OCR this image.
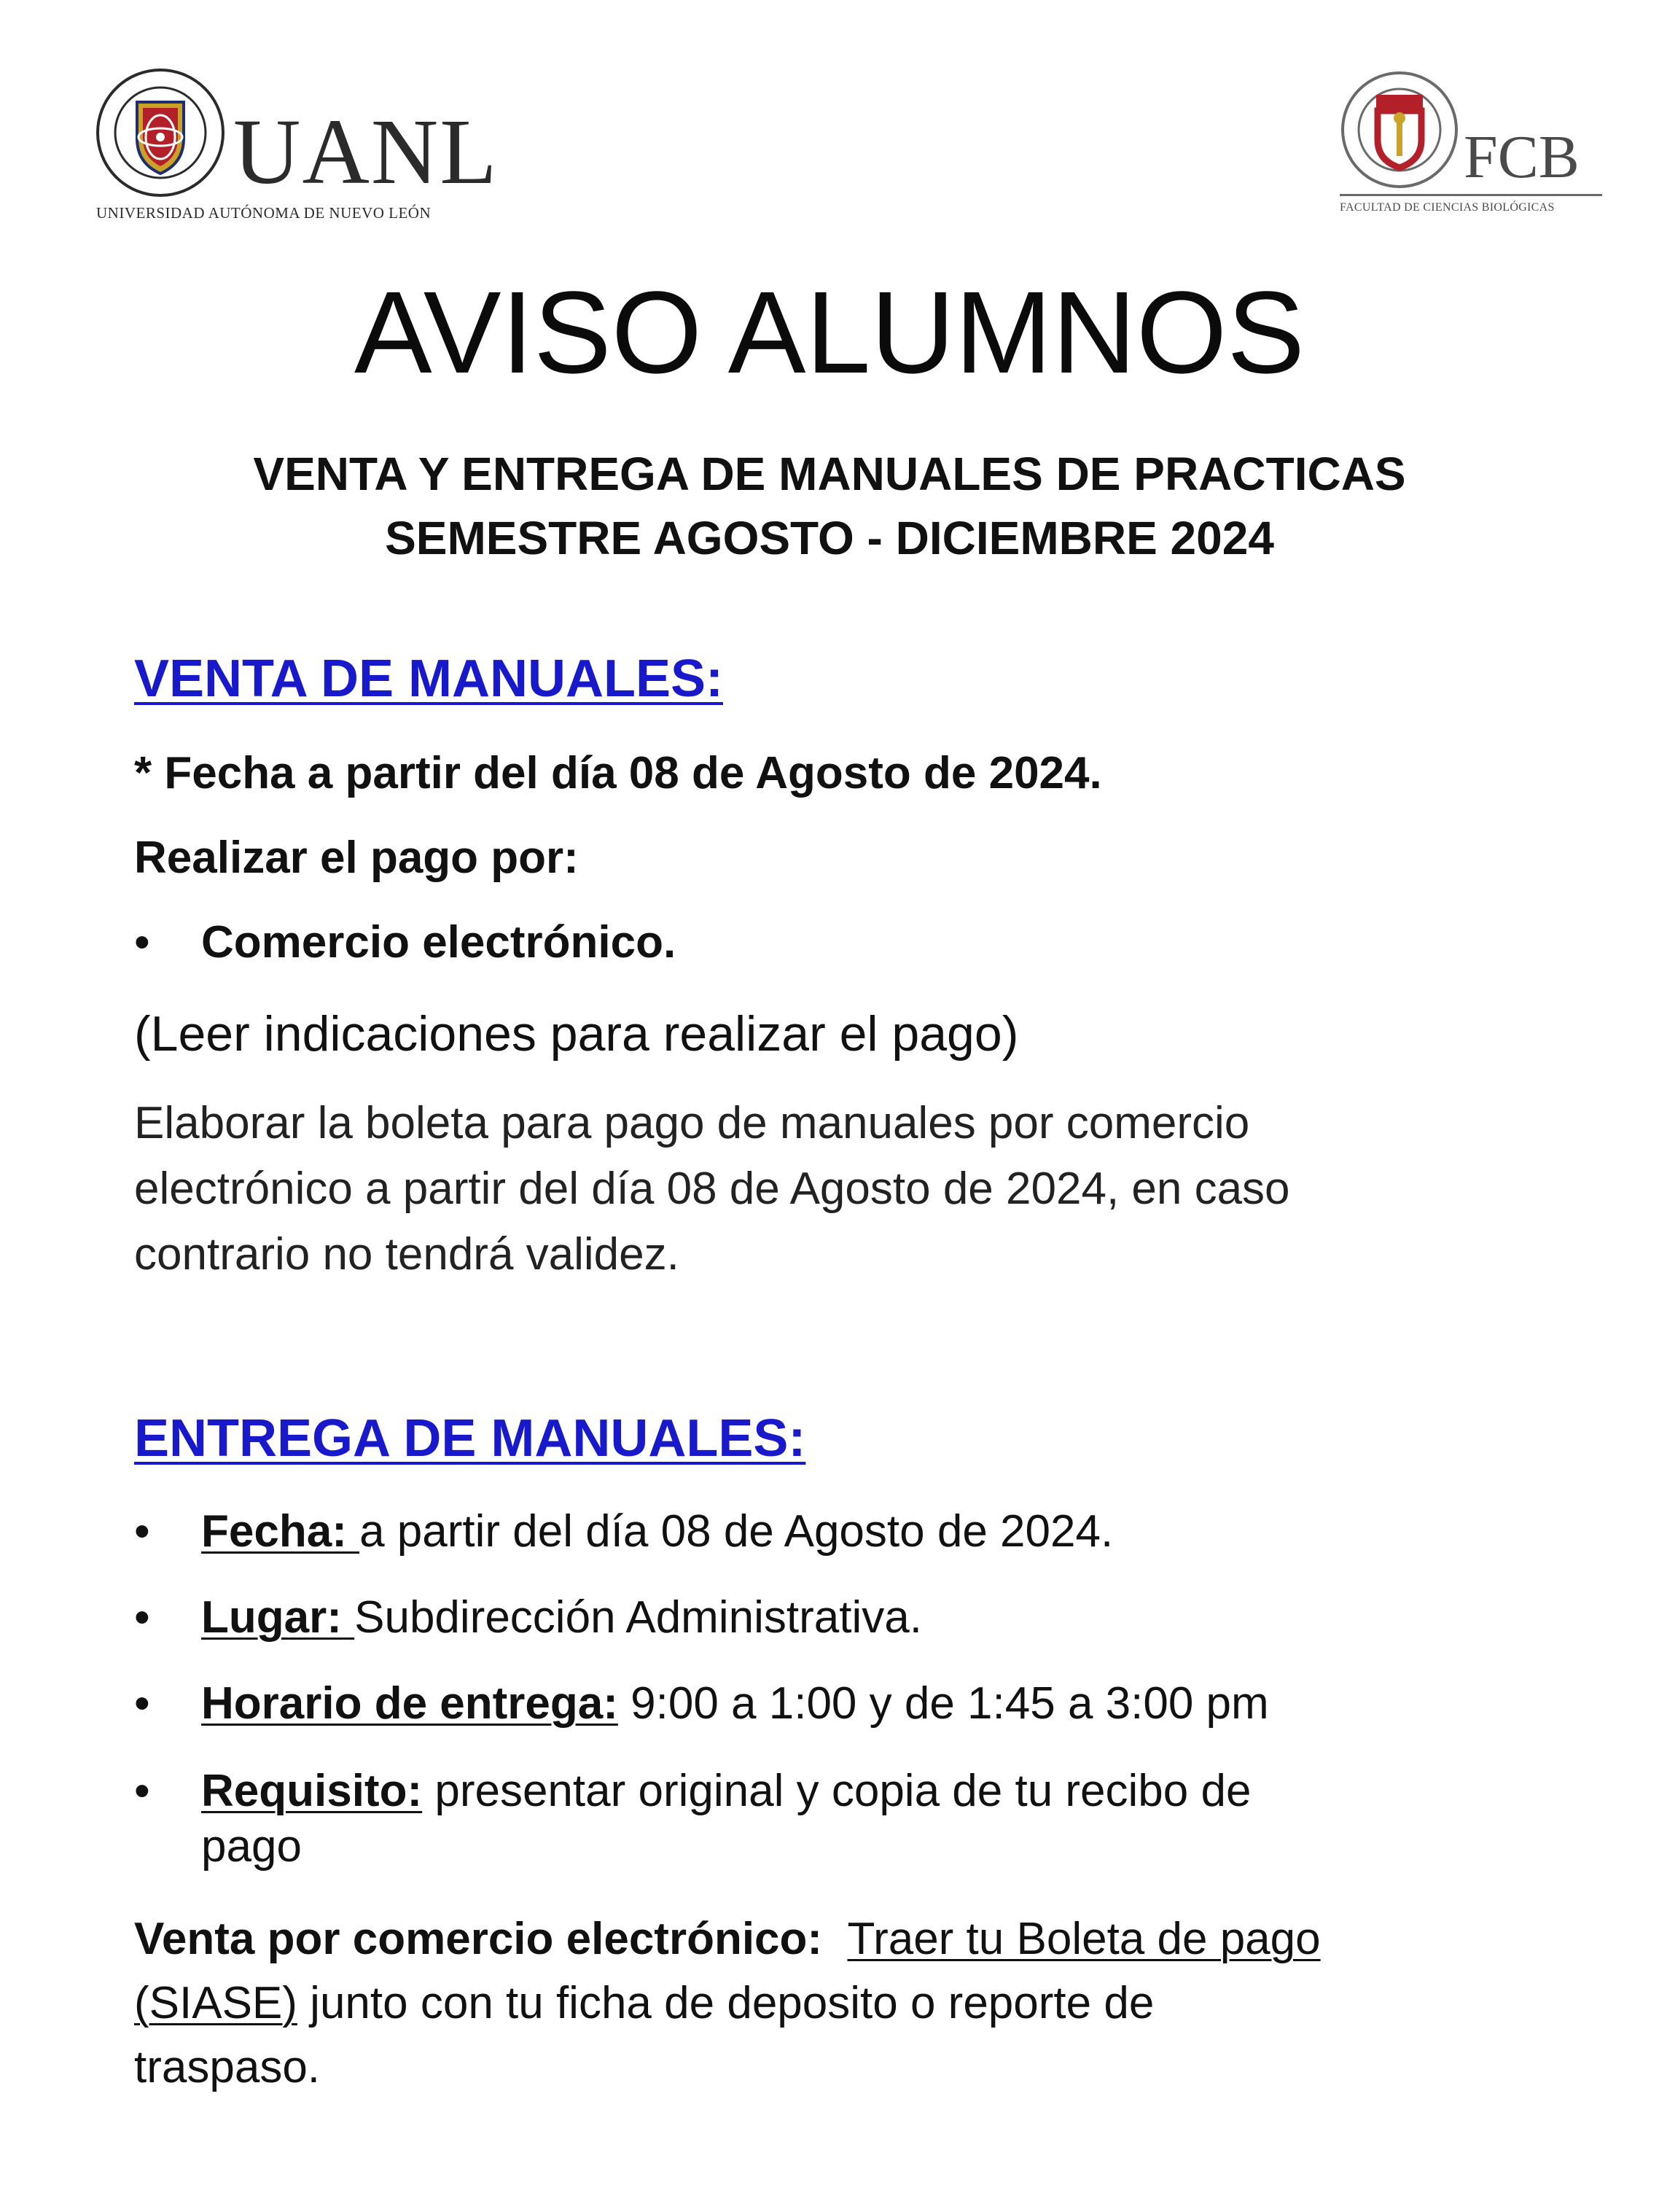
UANL
UNIVERSIDAD AUTÓNOMA DE NUEVO LEÓN
FCB
FACULTAD DE CIENCIAS BIOLÓGICAS
AVISO ALUMNOS
VENTA Y ENTREGA DE MANUALES DE PRACTICAS
SEMESTRE AGOSTO - DICIEMBRE 2024
VENTA DE MANUALES:
* Fecha a partir del día 08 de Agosto de 2024.
Realizar el pago por:
• Comercio electrónico.
(Leer indicaciones para realizar el pago)
Elaborar la boleta para pago de manuales por comercio
electrónico a partir del día 08 de Agosto de 2024, en caso
contrario no tendrá validez.
ENTREGA DE MANUALES:
• Fecha: a partir del día 08 de Agosto de 2024.
• Lugar: Subdirección Administrativa.
• Horario de entrega: 9:00 a 1:00 y de 1:45 a 3:00 pm
• Requisito: presentar original y copia de tu recibo de
pago
Venta por comercio electrónico: Traer tu Boleta de pago
(SIASE) junto con tu ficha de deposito o reporte de
traspaso.
